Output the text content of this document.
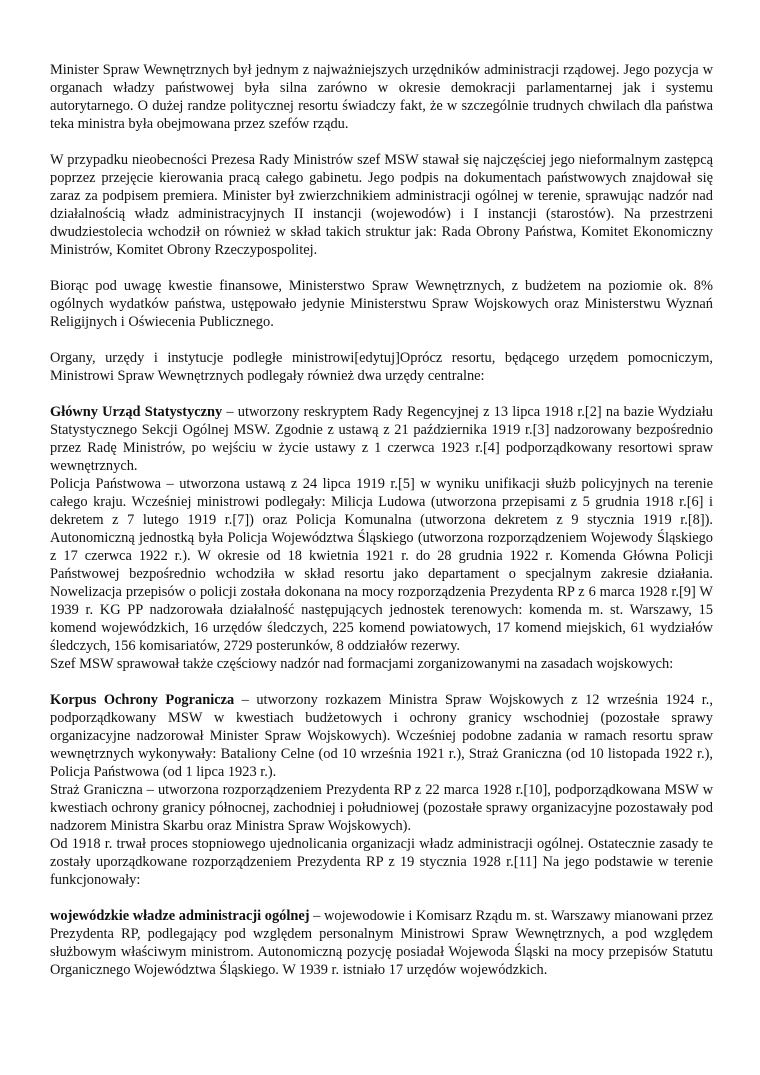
Minister Spraw Wewnętrznych był jednym z najważniejszych urzędników administracji rządowej. Jego pozycja w organach władzy państwowej była silna zarówno w okresie demokracji parlamentarnej jak i systemu autorytarnego. O dużej randze politycznej resortu świadczy fakt, że w szczególnie trudnych chwilach dla państwa teka ministra była obejmowana przez szefów rządu.

W przypadku nieobecności Prezesa Rady Ministrów szef MSW stawał się najczęściej jego nieformalnym zastępcą poprzez przejęcie kierowania pracą całego gabinetu. Jego podpis na dokumentach państwowych znajdował się zaraz za podpisem premiera. Minister był zwierzchnikiem administracji ogólnej w terenie, sprawując nadzór nad działalnością władz administracyjnych II instancji (wojewodów) i I instancji (starostów). Na przestrzeni dwudziestolecia wchodził on również w skład takich struktur jak: Rada Obrony Państwa, Komitet Ekonomiczny Ministrów, Komitet Obrony Rzeczypospolitej.

Biorąc pod uwagę kwestie finansowe, Ministerstwo Spraw Wewnętrznych, z budżetem na poziomie ok. 8% ogólnych wydatków państwa, ustępowało jedynie Ministerstwu Spraw Wojskowych oraz Ministerstwu Wyznań Religijnych i Oświecenia Publicznego.

Organy, urzędy i instytucje podległe ministrowi[edytuj]Oprócz resortu, będącego urzędem pomocniczym, Ministrowi Spraw Wewnętrznych podlegały również dwa urzędy centralne:

Główny Urząd Statystyczny – utworzony reskryptem Rady Regencyjnej z 13 lipca 1918 r.[2] na bazie Wydziału Statystycznego Sekcji Ogólnej MSW. Zgodnie z ustawą z 21 października 1919 r.[3] nadzorowany bezpośrednio przez Radę Ministrów, po wejściu w życie ustawy z 1 czerwca 1923 r.[4] podporządkowany resortowi spraw wewnętrznych.

Policja Państwowa – utworzona ustawą z 24 lipca 1919 r.[5] w wyniku unifikacji służb policyjnych na terenie całego kraju. Wcześniej ministrowi podlegały: Milicja Ludowa (utworzona przepisami z 5 grudnia 1918 r.[6] i dekretem z 7 lutego 1919 r.[7]) oraz Policja Komunalna (utworzona dekretem z 9 stycznia 1919 r.[8]). Autonomiczną jednostką była Policja Województwa Śląskiego (utworzona rozporządzeniem Wojewody Śląskiego z 17 czerwca 1922 r.). W okresie od 18 kwietnia 1921 r. do 28 grudnia 1922 r. Komenda Główna Policji Państwowej bezpośrednio wchodziła w skład resortu jako departament o specjalnym zakresie działania. Nowelizacja przepisów o policji została dokonana na mocy rozporządzenia Prezydenta RP z 6 marca 1928 r.[9] W 1939 r. KG PP nadzorowała działalność następujących jednostek terenowych: komenda m. st. Warszawy, 15 komend wojewódzkich, 16 urzędów śledczych, 225 komend powiatowych, 17 komend miejskich, 61 wydziałów śledczych, 156 komisariatów, 2729 posterunków, 8 oddziałów rezerwy.

Szef MSW sprawował także częściowy nadzór nad formacjami zorganizowanymi na zasadach wojskowych:

Korpus Ochrony Pogranicza – utworzony rozkazem Ministra Spraw Wojskowych z 12 września 1924 r., podporządkowany MSW w kwestiach budżetowych i ochrony granicy wschodniej (pozostałe sprawy organizacyjne nadzorował Minister Spraw Wojskowych). Wcześniej podobne zadania w ramach resortu spraw wewnętrznych wykonywały: Bataliony Celne (od 10 września 1921 r.), Straż Graniczna (od 10 listopada 1922 r.), Policja Państwowa (od 1 lipca 1923 r.).

Straż Graniczna – utworzona rozporządzeniem Prezydenta RP z 22 marca 1928 r.[10], podporządkowana MSW w kwestiach ochrony granicy północnej, zachodniej i południowej (pozostałe sprawy organizacyjne pozostawały pod nadzorem Ministra Skarbu oraz Ministra Spraw Wojskowych).

Od 1918 r. trwał proces stopniowego ujednolicania organizacji władz administracji ogólnej. Ostatecznie zasady te zostały uporządkowane rozporządzeniem Prezydenta RP z 19 stycznia 1928 r.[11] Na jego podstawie w terenie funkcjonowały:

wojewódzkie władze administracji ogólnej – wojewodowie i Komisarz Rządu m. st. Warszawy mianowani przez Prezydenta RP, podlegający pod względem personalnym Ministrowi Spraw Wewnętrznych, a pod względem służbowym właściwym ministrom. Autonomiczną pozycję posiadał Wojewoda Śląski na mocy przepisów Statutu Organicznego Województwa Śląskiego. W 1939 r. istniało 17 urzędów wojewódzkich.
